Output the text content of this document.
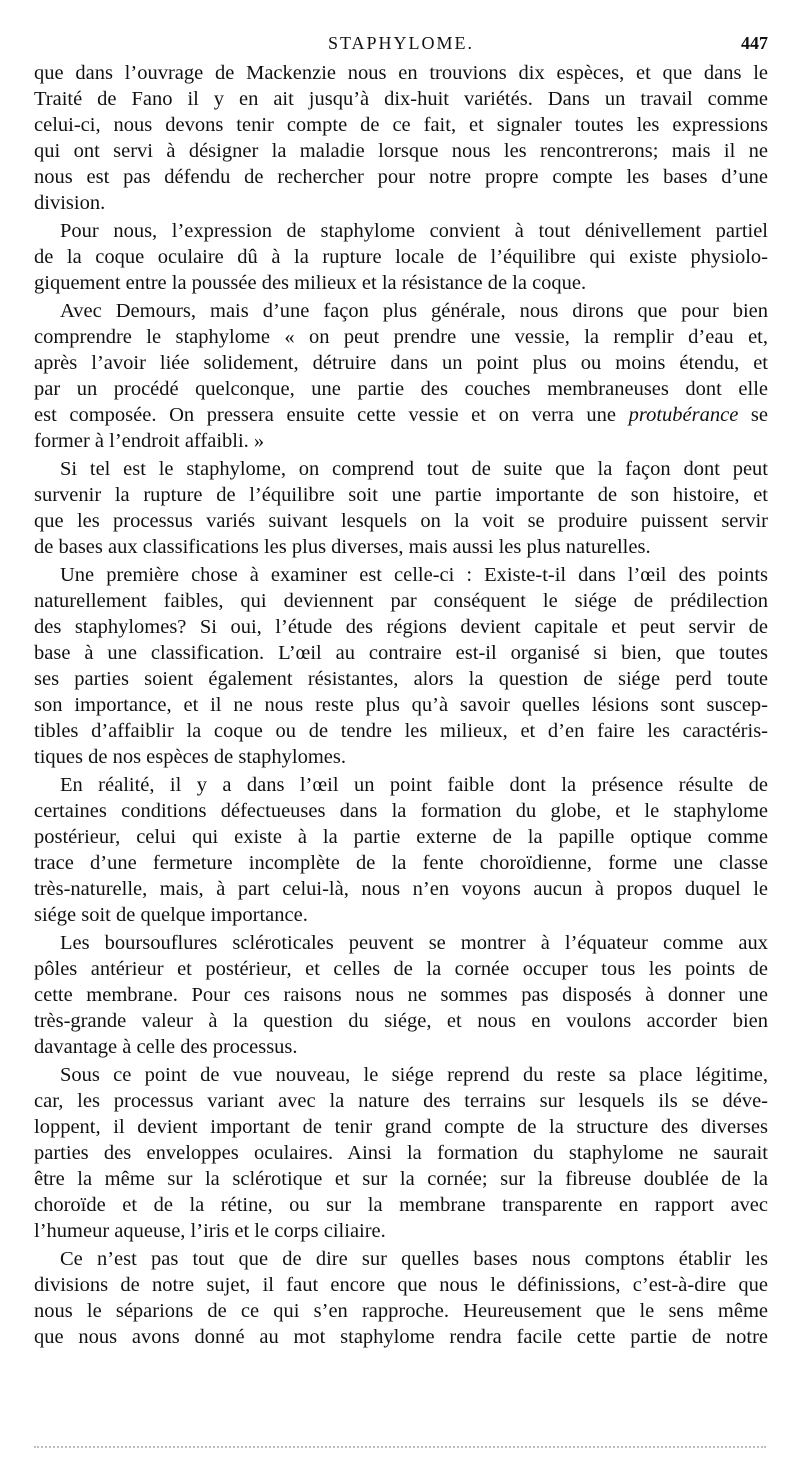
STAPHYLOME.	447
que dans l’ouvrage de Mackenzie nous en trouvions dix espèces, et que dans le
Traité de Fano il y en ait jusqu’à dix-huit variétés. Dans un travail comme
celui-ci, nous devons tenir compte de ce fait, et signaler toutes les expressions
qui ont servi à désigner la maladie lorsque nous les rencontrerons; mais il ne
nous est pas défendu de rechercher pour notre propre compte les bases d’une
division.
Pour nous, l’expression de staphylome convient à tout dénivellement partiel
de la coque oculaire dû à la rupture locale de l’équilibre qui existe physiolo-
giquement entre la poussée des milieux et la résistance de la coque.
Avec Demours, mais d’une façon plus générale, nous dirons que pour bien
comprendre le staphylome « on peut prendre une vessie, la remplir d’eau et,
après l’avoir liée solidement, détruire dans un point plus ou moins étendu, et
par un procédé quelconque, une partie des couches membraneuses dont elle
est composée. On pressera ensuite cette vessie et on verra une protubérance se
former à l’endroit affaibli. »
Si tel est le staphylome, on comprend tout de suite que la façon dont peut
survenir la rupture de l’équilibre soit une partie importante de son histoire, et
que les processus variés suivant lesquels on la voit se produire puissent servir
de bases aux classifications les plus diverses, mais aussi les plus naturelles.
Une première chose à examiner est celle-ci : Existe-t-il dans l’œil des points
naturellement faibles, qui deviennent par conséquent le siége de prédilection
des staphylomes? Si oui, l’étude des régions devient capitale et peut servir de
base à une classification. L’œil au contraire est-il organisé si bien, que toutes
ses parties soient également résistantes, alors la question de siége perd toute
son importance, et il ne nous reste plus qu’à savoir quelles lésions sont suscep-
tibles d’affaiblir la coque ou de tendre les milieux, et d’en faire les caractéris-
tiques de nos espèces de staphylomes.
En réalité, il y a dans l’œil un point faible dont la présence résulte de
certaines conditions défectueuses dans la formation du globe, et le staphylome
postérieur, celui qui existe à la partie externe de la papille optique comme
trace d’une fermeture incomplète de la fente choroïdienne, forme une classe
très-naturelle, mais, à part celui-là, nous n’en voyons aucun à propos duquel le
siége soit de quelque importance.
Les boursouflures scléroticales peuvent se montrer à l’équateur comme aux
pôles antérieur et postérieur, et celles de la cornée occuper tous les points de
cette membrane. Pour ces raisons nous ne sommes pas disposés à donner une
très-grande valeur à la question du siége, et nous en voulons accorder bien
davantage à celle des processus.
Sous ce point de vue nouveau, le siége reprend du reste sa place légitime,
car, les processus variant avec la nature des terrains sur lesquels ils se déve-
loppent, il devient important de tenir grand compte de la structure des diverses
parties des enveloppes oculaires. Ainsi la formation du staphylome ne saurait
être la même sur la sclérotique et sur la cornée; sur la fibreuse doublée de la
choroïde et de la rétine, ou sur la membrane transparente en rapport avec
l’humeur aqueuse, l’iris et le corps ciliaire.
Ce n’est pas tout que de dire sur quelles bases nous comptons établir les
divisions de notre sujet, il faut encore que nous le définissions, c’est-à-dire que
nous le séparions de ce qui s’en rapproche. Heureusement que le sens même
que nous avons donné au mot staphylome rendra facile cette partie de notre
